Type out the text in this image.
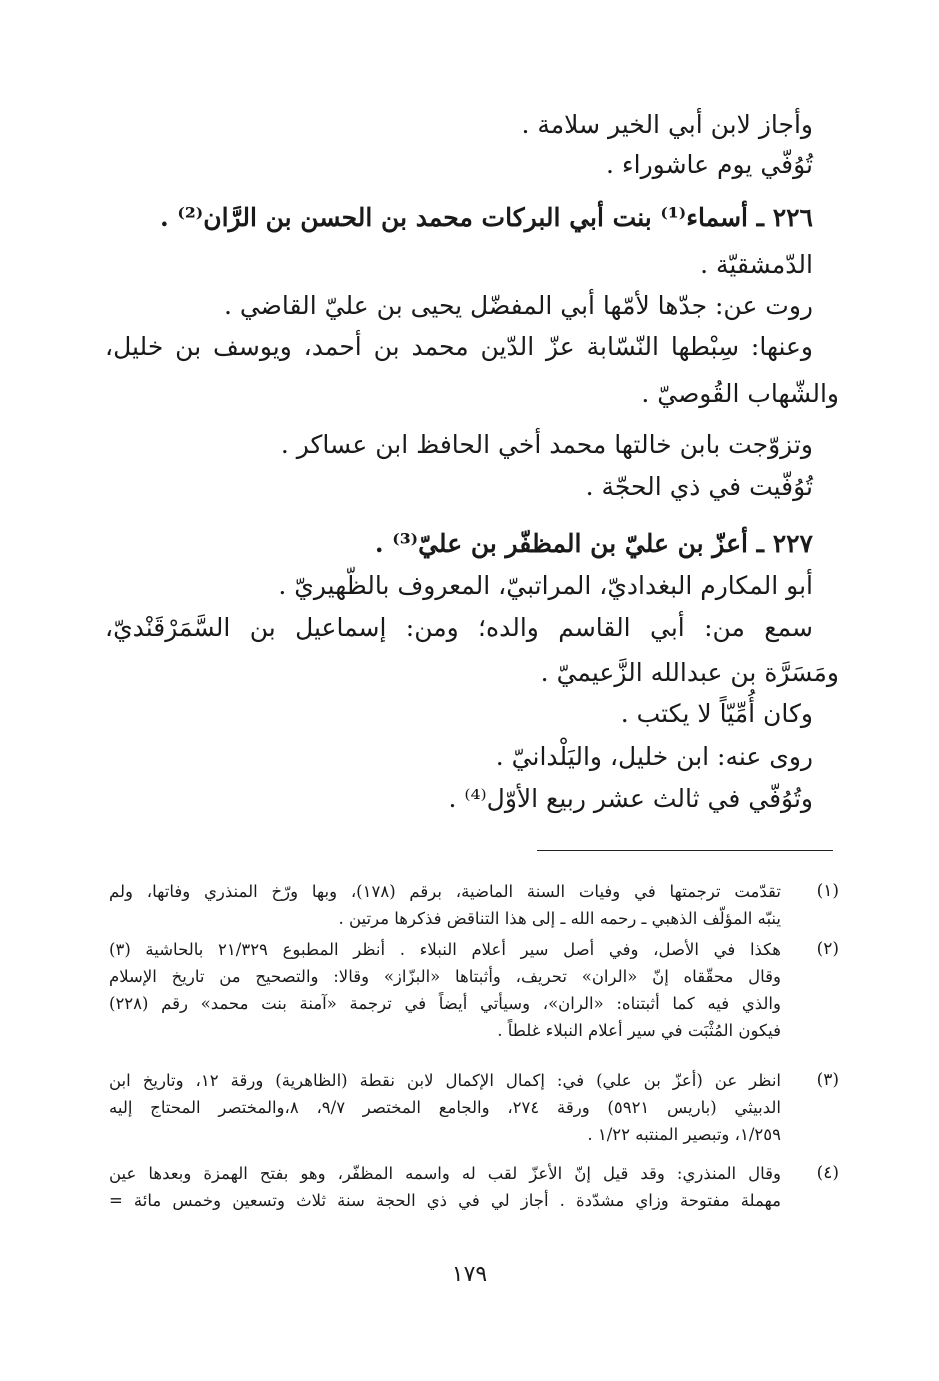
وأجاز لابن أبي الخير سلامة .
تُوُفّي يوم عاشوراء .
٢٢٦ ـ أسماء⁽¹⁾ بنت أبي البركات محمد بن الحسن بن الرَّان⁽²⁾ .
الدّمشقيّة .
روت عن: جدّها لأمّها أبي المفضّل يحيى بن عليّ القاضي .
وعنها: سِبْطها النّسّابة عزّ الدّين محمد بن أحمد، ويوسف بن خليل،
والشّهاب القُوصيّ .
وتزوّجت بابن خالتها محمد أخي الحافظ ابن عساكر .
تُوُفّيت في ذي الحجّة .
٢٢٧ ـ أعزّ بن عليّ بن المظفّر بن عليّ⁽³⁾ .
أبو المكارم البغداديّ، المراتبيّ، المعروف بالظّهيريّ .
سمع من: أبي القاسم والده؛ ومن: إسماعيل بن السَّمَرْقَنْديّ،
ومَسَرَّة بن عبدالله الزَّعيميّ .
وكان أُمِّيّاً لا يكتب .
روى عنه: ابن خليل، واليَلْدانيّ .
وتُوُفّي في ثالث عشر ربيع الأوّل⁽⁴⁾ .
(١)
(٢)
(٣)
(٤)
تقدّمت ترجمتها في وفيات السنة الماضية، برقم (١٧٨)، وبها ورّخ المنذري وفاتها، ولم
ينبّه المؤلّف الذهبي ـ رحمه الله ـ إلى هذا التناقض فذكرها مرتين .
هكذا في الأصل، وفي أصل سير أعلام النبلاء . أنظر المطبوع ٢١/٣٢٩ بالحاشية (٣)
وقال محقّقاه إنّ «الران» تحريف، وأثبتاها «البزّاز» وقالا: والتصحيح من تاريخ الإسلام
والذي فيه كما أثبتناه: «الران»، وسيأتي أيضاً في ترجمة «آمنة بنت محمد» رقم (٢٢٨)
فيكون المُثْبَت في سير أعلام النبلاء غلطاً .
انظر عن (أعزّ بن علي) في: إكمال الإكمال لابن نقطة (الظاهرية) ورقة ١٢، وتاريخ ابن
الدبيثي (باريس ٥٩٢١) ورقة ٢٧٤، والجامع المختصر ٩/٧، ٨،والمختصر المحتاج إليه
١/٢٥٩، وتبصير المنتبه ١/٢٢ .
وقال المنذري: وقد قيل إنّ الأعزّ لقب له واسمه المظفّر، وهو بفتح الهمزة وبعدها عين
مهملة مفتوحة وزاي مشدّدة . أجاز لي في ذي الحجة سنة ثلاث وتسعين وخمس مائة =
١٧٩
